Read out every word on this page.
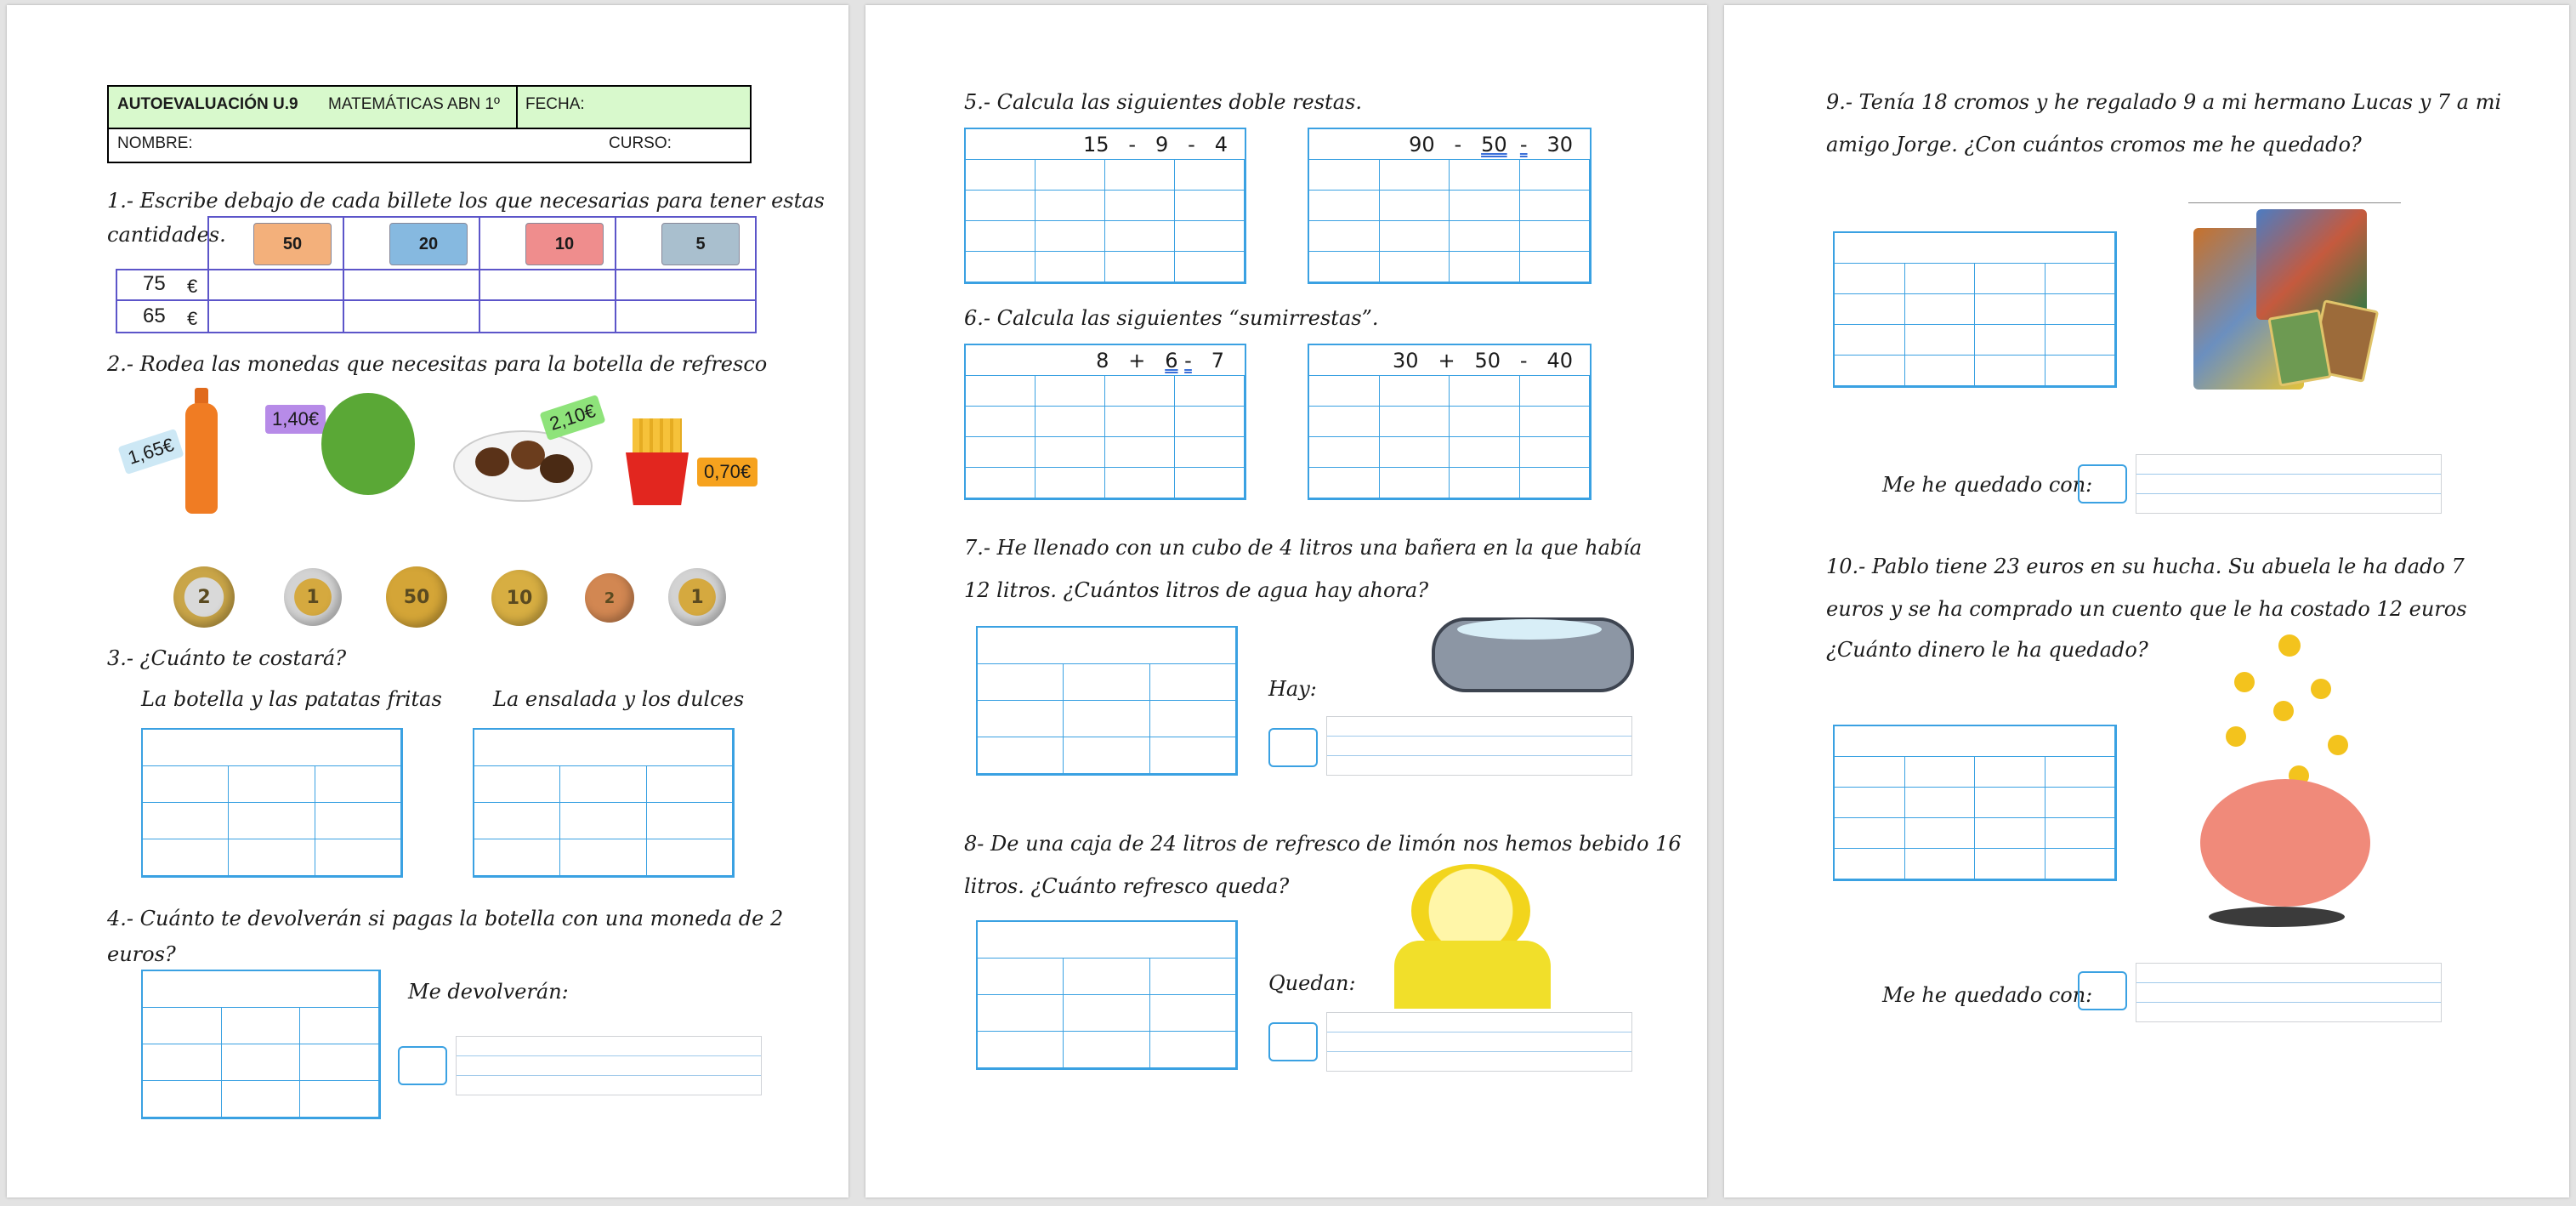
AUTOEVALUACIÓN U.9 MATEMÁTICAS ABN 1º FECHA:
NOMBRE:	CURSO:
1.- Escribe debajo de cada billete los que necesarias para tener estas
cantidades.	50	20	10	5
75 €
65 €
2.- Rodea las monedas que necesitas para la botella de refresco
1,65€
1,40€	2,10€
0,70€
2	1	50	10	2	1
3.- ¿Cuánto te costará?
La botella y las patatas fritas	La ensalada y los dulces
4.- Cuánto te devolverán si pagas la botella con una moneda de 2
euros?
Me devolverán:
5.- Calcula las siguientes doble restas.
15
-
9
-
4	90
-
50
-
30
6.- Calcula las siguientes “sumirrestas”.
8
+
6
-
7	30
+
50
-
40
7.- He llenado con un cubo de 4 litros una bañera en la que había
12 litros. ¿Cuántos litros de agua hay ahora?
Hay:
8- De una caja de 24 litros de refresco de limón nos hemos bebido 16
litros. ¿Cuánto refresco queda?
Quedan:
9.- Tenía 18 cromos y he regalado 9 a mi hermano Lucas y 7 a mi
amigo Jorge. ¿Con cuántos cromos me he quedado?
Me he quedado con:
10.- Pablo tiene 23 euros en su hucha. Su abuela le ha dado 7
euros y se ha comprado un cuento que le ha costado 12 euros
¿Cuánto dinero le ha quedado?
Me he quedado con:
